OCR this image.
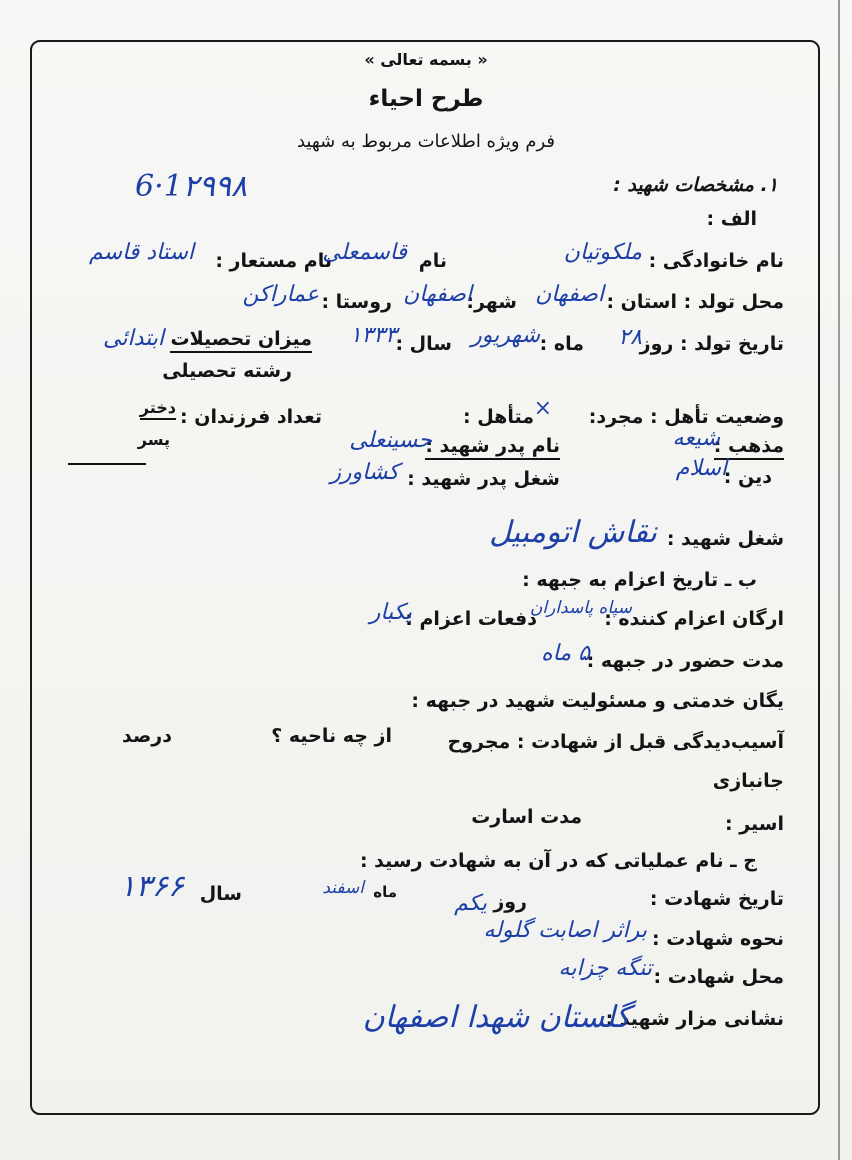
« بسمه تعالی »
طرح احیاء
فرم ویژه اطلاعات مربوط به شهید
۱. مشخصات شهید :
6·1۲۹۹۸
الف :
نام خانوادگی :
ملکوتیان
نام
قاسمعلی
نام مستعار :
استاد قاسم
محل تولد : استان :
اصفهان
شهر:
اصفهان
روستا :
عماراکن
تاریخ تولد : روز
۲۸
ماه :
شهریور
سال :
۱۳۳۳
میزان تحصیلات
ابتدائی
رشته تحصیلی
وضعیت تأهل : مجرد:
×
متأهل :
تعداد فرزندان :
دختر
پسر	مذهب :
شیعه
نام پدر شهید :
حسینعلی
دین :
اسلام
شغل پدر شهید :
کشاورز
شغل شهید :
نقاش اتومبیل
ب ـ تاریخ اعزام به جبهه :
ارگان اعزام کننده :
سپاه پاسداران
دفعات اعزام :
یکبار
مدت حضور در جبهه :
۵ ماه
یگان خدمتی و مسئولیت شهید در جبهه :
آسیب‌دیدگی قبل از شهادت : مجروح
از چه ناحیه ؟
درصد
جانبازی
اسیر :
مدت اسارت
ج ـ نام عملیاتی که در آن به شهادت رسید :
تاریخ شهادت :
روز
یکم
ماه
اسفند
سال
۱۳۶۶
نحوه شهادت :
براثر اصابت گلوله
محل شهادت :
تنگه چزابه
نشانی مزار شهید :
گلستان شهدا اصفهان
